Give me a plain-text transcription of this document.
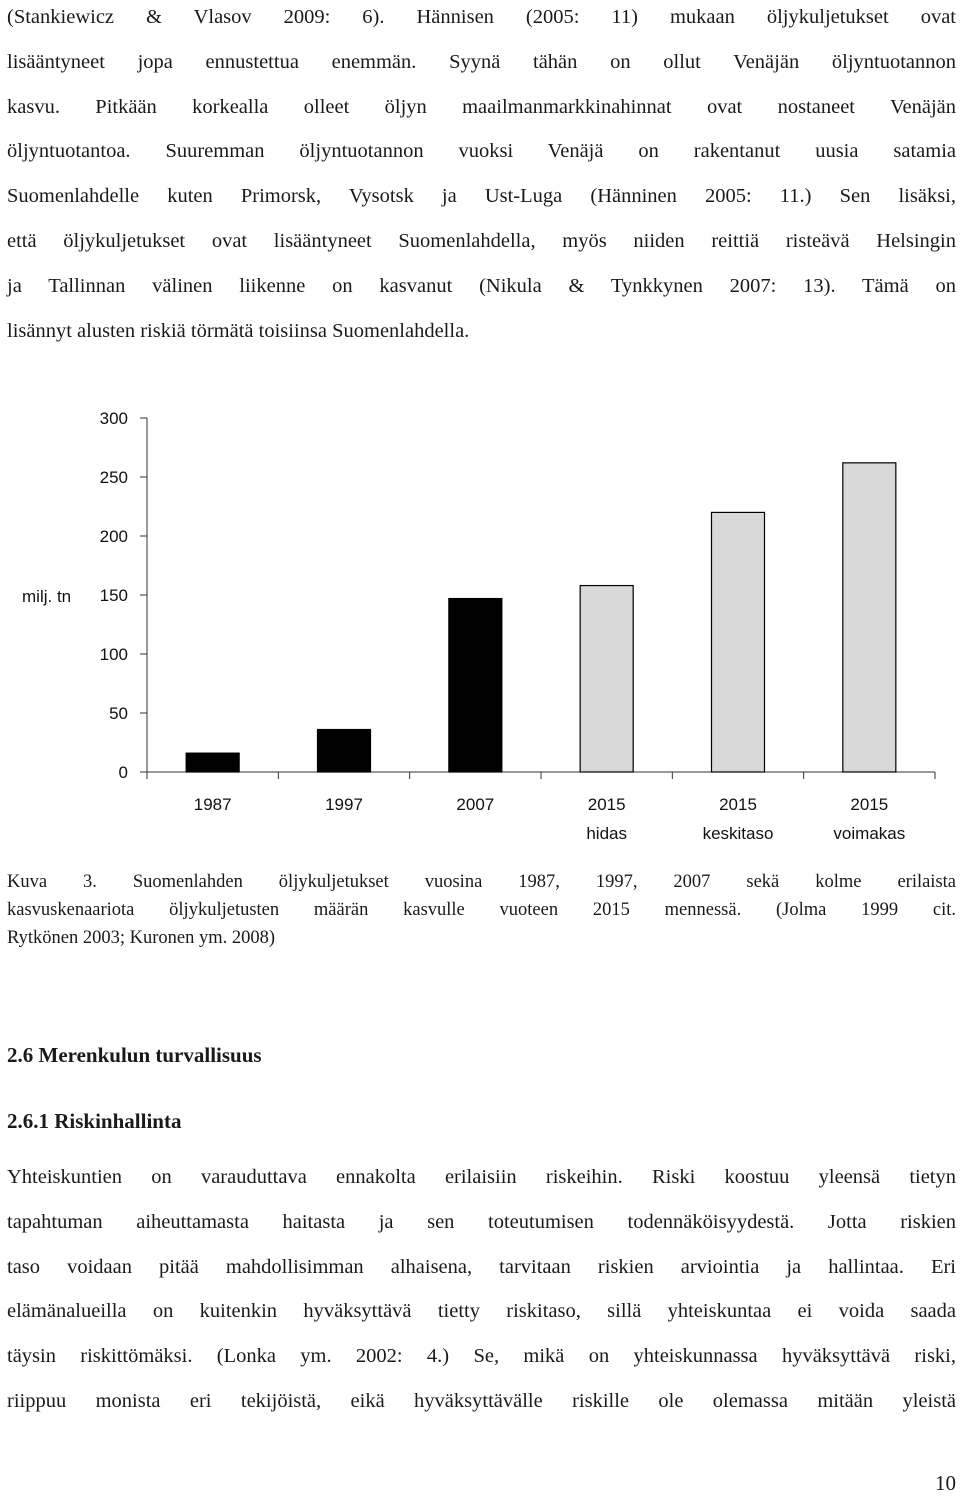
(Stankiewicz & Vlasov 2009: 6). Hännisen (2005: 11) mukaan öljykuljetukset ovat
lisääntyneet jopa ennustettua enemmän. Syynä tähän on ollut Venäjän öljyntuotannon
kasvu. Pitkään korkealla olleet öljyn maailmanmarkkinahinnat ovat nostaneet Venäjän
öljyntuotantoa. Suuremman öljyntuotannon vuoksi Venäjä on rakentanut uusia satamia
Suomenlahdelle kuten Primorsk, Vysotsk ja Ust-Luga (Hänninen 2005: 11.) Sen lisäksi,
että öljykuljetukset ovat lisääntyneet Suomenlahdella, myös niiden reittiä risteävä Helsingin
ja Tallinnan välinen liikenne on kasvanut (Nikula & Tynkkynen 2007: 13). Tämä on
lisännyt alusten riskiä törmätä toisiinsa Suomenlahdella.
0
50
100
150
200
250
300
1987	1997	2007	2015
hidas
2015
keskitaso
2015
voimakas
milj. tn
Kuva 3. Suomenlahden öljykuljetukset vuosina 1987, 1997, 2007 sekä kolme erilaista
kasvuskenaariota öljykuljetusten määrän kasvulle vuoteen 2015 mennessä. (Jolma 1999 cit.
Rytkönen 2003; Kuronen ym. 2008)
2.6 Merenkulun turvallisuus
2.6.1 Riskinhallinta
Yhteiskuntien on varauduttava ennakolta erilaisiin riskeihin. Riski koostuu yleensä tietyn
tapahtuman aiheuttamasta haitasta ja sen toteutumisen todennäköisyydestä. Jotta riskien
taso voidaan pitää mahdollisimman alhaisena, tarvitaan riskien arviointia ja hallintaa. Eri
elämänalueilla on kuitenkin hyväksyttävä tietty riskitaso, sillä yhteiskuntaa ei voida saada
täysin riskittömäksi. (Lonka ym. 2002: 4.) Se, mikä on yhteiskunnassa hyväksyttävä riski,
riippuu monista eri tekijöistä, eikä hyväksyttävälle riskille ole olemassa mitään yleistä
10
